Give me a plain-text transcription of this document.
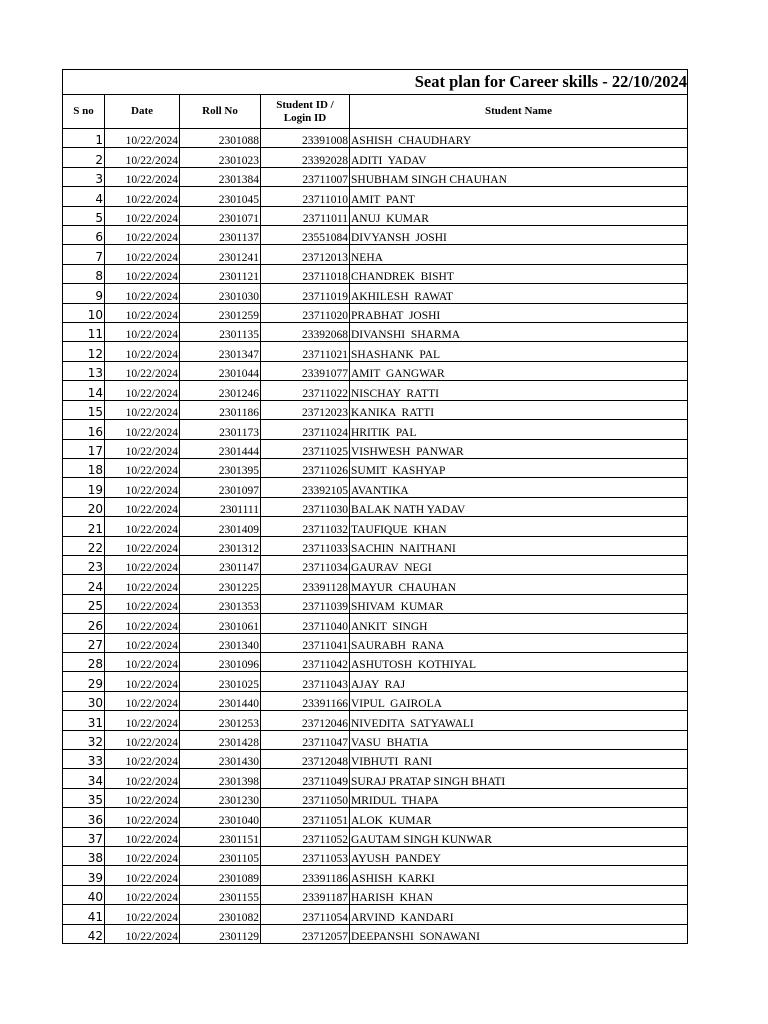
Seat plan for Career skills - 22/10/2024				
S no	Date	Roll No	Student ID /
Login ID	Student Name
1	10/22/2024	2301088	23391008	ASHISH  CHAUDHARY
2	10/22/2024	2301023	23392028	ADITI  YADAV
3	10/22/2024	2301384	23711007	SHUBHAM SINGH CHAUHAN
4	10/22/2024	2301045	23711010	AMIT  PANT
5	10/22/2024	2301071	23711011	ANUJ  KUMAR
6	10/22/2024	2301137	23551084	DIVYANSH  JOSHI
7	10/22/2024	2301241	23712013	NEHA
8	10/22/2024	2301121	23711018	CHANDREK  BISHT
9	10/22/2024	2301030	23711019	AKHILESH  RAWAT
10	10/22/2024	2301259	23711020	PRABHAT  JOSHI
11	10/22/2024	2301135	23392068	DIVANSHI  SHARMA
12	10/22/2024	2301347	23711021	SHASHANK  PAL
13	10/22/2024	2301044	23391077	AMIT  GANGWAR
14	10/22/2024	2301246	23711022	NISCHAY  RATTI
15	10/22/2024	2301186	23712023	KANIKA  RATTI
16	10/22/2024	2301173	23711024	HRITIK  PAL
17	10/22/2024	2301444	23711025	VISHWESH  PANWAR
18	10/22/2024	2301395	23711026	SUMIT  KASHYAP
19	10/22/2024	2301097	23392105	AVANTIKA
20	10/22/2024	2301111	23711030	BALAK NATH YADAV
21	10/22/2024	2301409	23711032	TAUFIQUE  KHAN
22	10/22/2024	2301312	23711033	SACHIN  NAITHANI
23	10/22/2024	2301147	23711034	GAURAV  NEGI
24	10/22/2024	2301225	23391128	MAYUR  CHAUHAN
25	10/22/2024	2301353	23711039	SHIVAM  KUMAR
26	10/22/2024	2301061	23711040	ANKIT  SINGH
27	10/22/2024	2301340	23711041	SAURABH  RANA
28	10/22/2024	2301096	23711042	ASHUTOSH  KOTHIYAL
29	10/22/2024	2301025	23711043	AJAY  RAJ
30	10/22/2024	2301440	23391166	VIPUL  GAIROLA
31	10/22/2024	2301253	23712046	NIVEDITA  SATYAWALI
32	10/22/2024	2301428	23711047	VASU  BHATIA
33	10/22/2024	2301430	23712048	VIBHUTI  RANI
34	10/22/2024	2301398	23711049	SURAJ PRATAP SINGH BHATI
35	10/22/2024	2301230	23711050	MRIDUL  THAPA
36	10/22/2024	2301040	23711051	ALOK  KUMAR
37	10/22/2024	2301151	23711052	GAUTAM SINGH KUNWAR
38	10/22/2024	2301105	23711053	AYUSH  PANDEY
39	10/22/2024	2301089	23391186	ASHISH  KARKI
40	10/22/2024	2301155	23391187	HARISH  KHAN
41	10/22/2024	2301082	23711054	ARVIND  KANDARI
42	10/22/2024	2301129	23712057	DEEPANSHI  SONAWANI
